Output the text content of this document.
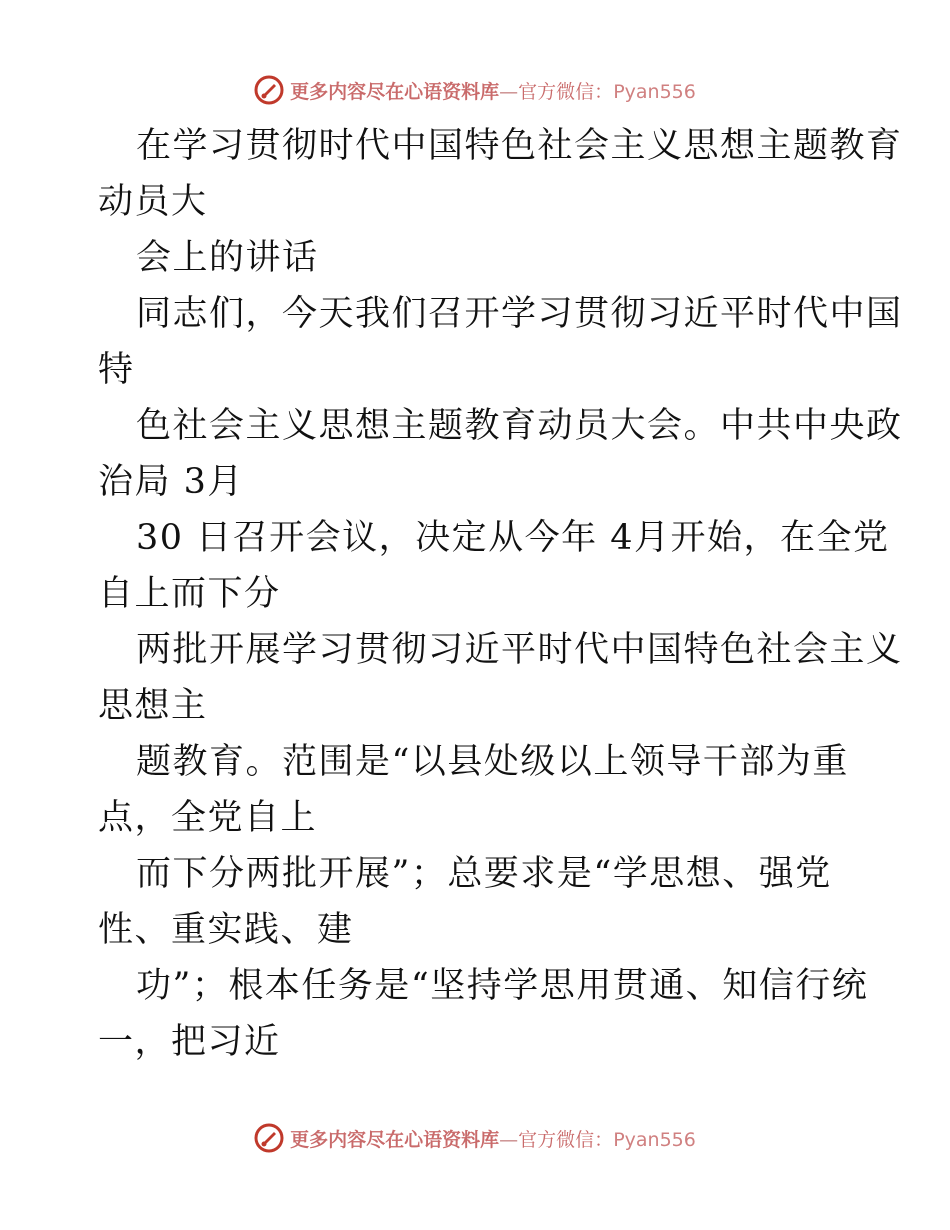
更多内容尽在心语资料库—官方微信：Pyan556
在学习贯彻时代中国特色社会主义思想主题教育
动员大
会上的讲话
同志们，今天我们召开学习贯彻习近平时代中国
特
色社会主义思想主题教育动员大会。中共中央政
治局 3月
30 日召开会议，决定从今年 4月开始，在全党
自上而下分
两批开展学习贯彻习近平时代中国特色社会主义
思想主
题教育。范围是“以县处级以上领导干部为重
点，全党自上
而下分两批开展”；总要求是“学思想、强党
性、重实践、建
功”；根本任务是“坚持学思用贯通、知信行统
一，把习近
更多内容尽在心语资料库—官方微信：Pyan556
